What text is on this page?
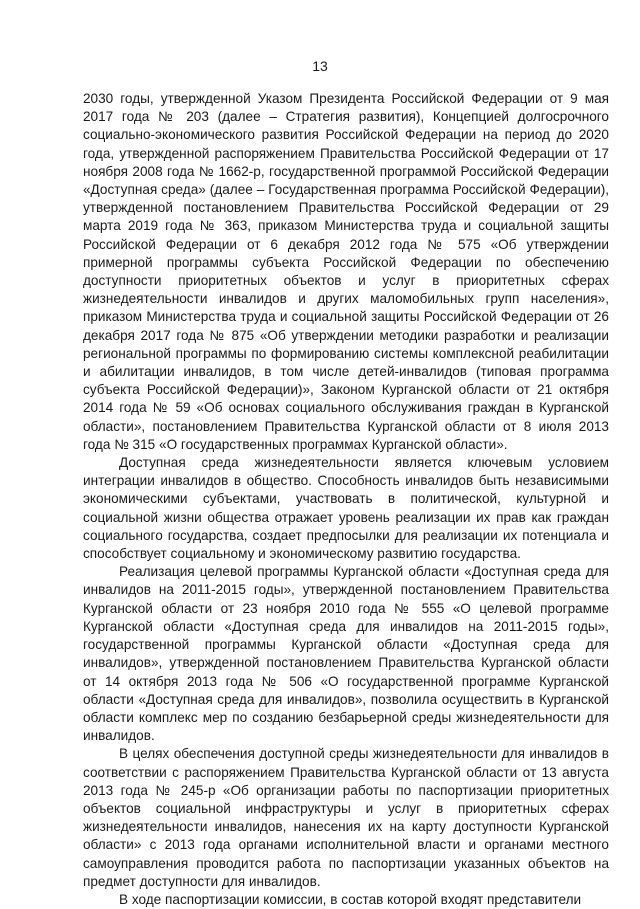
13

2030 годы, утвержденной Указом Президента Российской Федерации от 9 мая 2017 года № 203 (далее – Стратегия развития), Концепцией долгосрочного социально-экономического развития Российской Федерации на период до 2020 года, утвержденной распоряжением Правительства Российской Федерации от 17 ноября 2008 года № 1662-р, государственной программой Российской Федерации «Доступная среда» (далее – Государственная программа Российской Федерации), утвержденной постановлением Правительства Российской Федерации от 29 марта 2019 года № 363, приказом Министерства труда и социальной защиты Российской Федерации от 6 декабря 2012 года № 575 «Об утверждении примерной программы субъекта Российской Федерации по обеспечению доступности приоритетных объектов и услуг в приоритетных сферах жизнедеятельности инвалидов и других маломобильных групп населения», приказом Министерства труда и социальной защиты Российской Федерации от 26 декабря 2017 года № 875 «Об утверждении методики разработки и реализации региональной программы по формированию системы комплексной реабилитации и абилитации инвалидов, в том числе детей-инвалидов (типовая программа субъекта Российской Федерации)», Законом Курганской области от 21 октября 2014 года № 59 «Об основах социального обслуживания граждан в Курганской области», постановлением Правительства Курганской области от 8 июля 2013 года № 315 «О государственных программах Курганской области».

Доступная среда жизнедеятельности является ключевым условием интеграции инвалидов в общество. Способность инвалидов быть независимыми экономическими субъектами, участвовать в политической, культурной и социальной жизни общества отражает уровень реализации их прав как граждан социального государства, создает предпосылки для реализации их потенциала и способствует социальному и экономическому развитию государства.

Реализация целевой программы Курганской области «Доступная среда для инвалидов на 2011-2015 годы», утвержденной постановлением Правительства Курганской области от 23 ноября 2010 года № 555 «О целевой программе Курганской области «Доступная среда для инвалидов на 2011-2015 годы», государственной программы Курганской области «Доступная среда для инвалидов», утвержденной постановлением Правительства Курганской области от 14 октября 2013 года № 506 «О государственной программе Курганской области «Доступная среда для инвалидов», позволила осуществить в Курганской области комплекс мер по созданию безбарьерной среды жизнедеятельности для инвалидов.

В целях обеспечения доступной среды жизнедеятельности для инвалидов в соответствии с распоряжением Правительства Курганской области от 13 августа 2013 года № 245-р «Об организации работы по паспортизации приоритетных объектов социальной инфраструктуры и услуг в приоритетных сферах жизнедеятельности инвалидов, нанесения их на карту доступности Курганской области» с 2013 года органами исполнительной власти и органами местного самоуправления проводится работа по паспортизации указанных объектов на предмет доступности для инвалидов.

В ходе паспортизации комиссии, в состав которой входят представители
